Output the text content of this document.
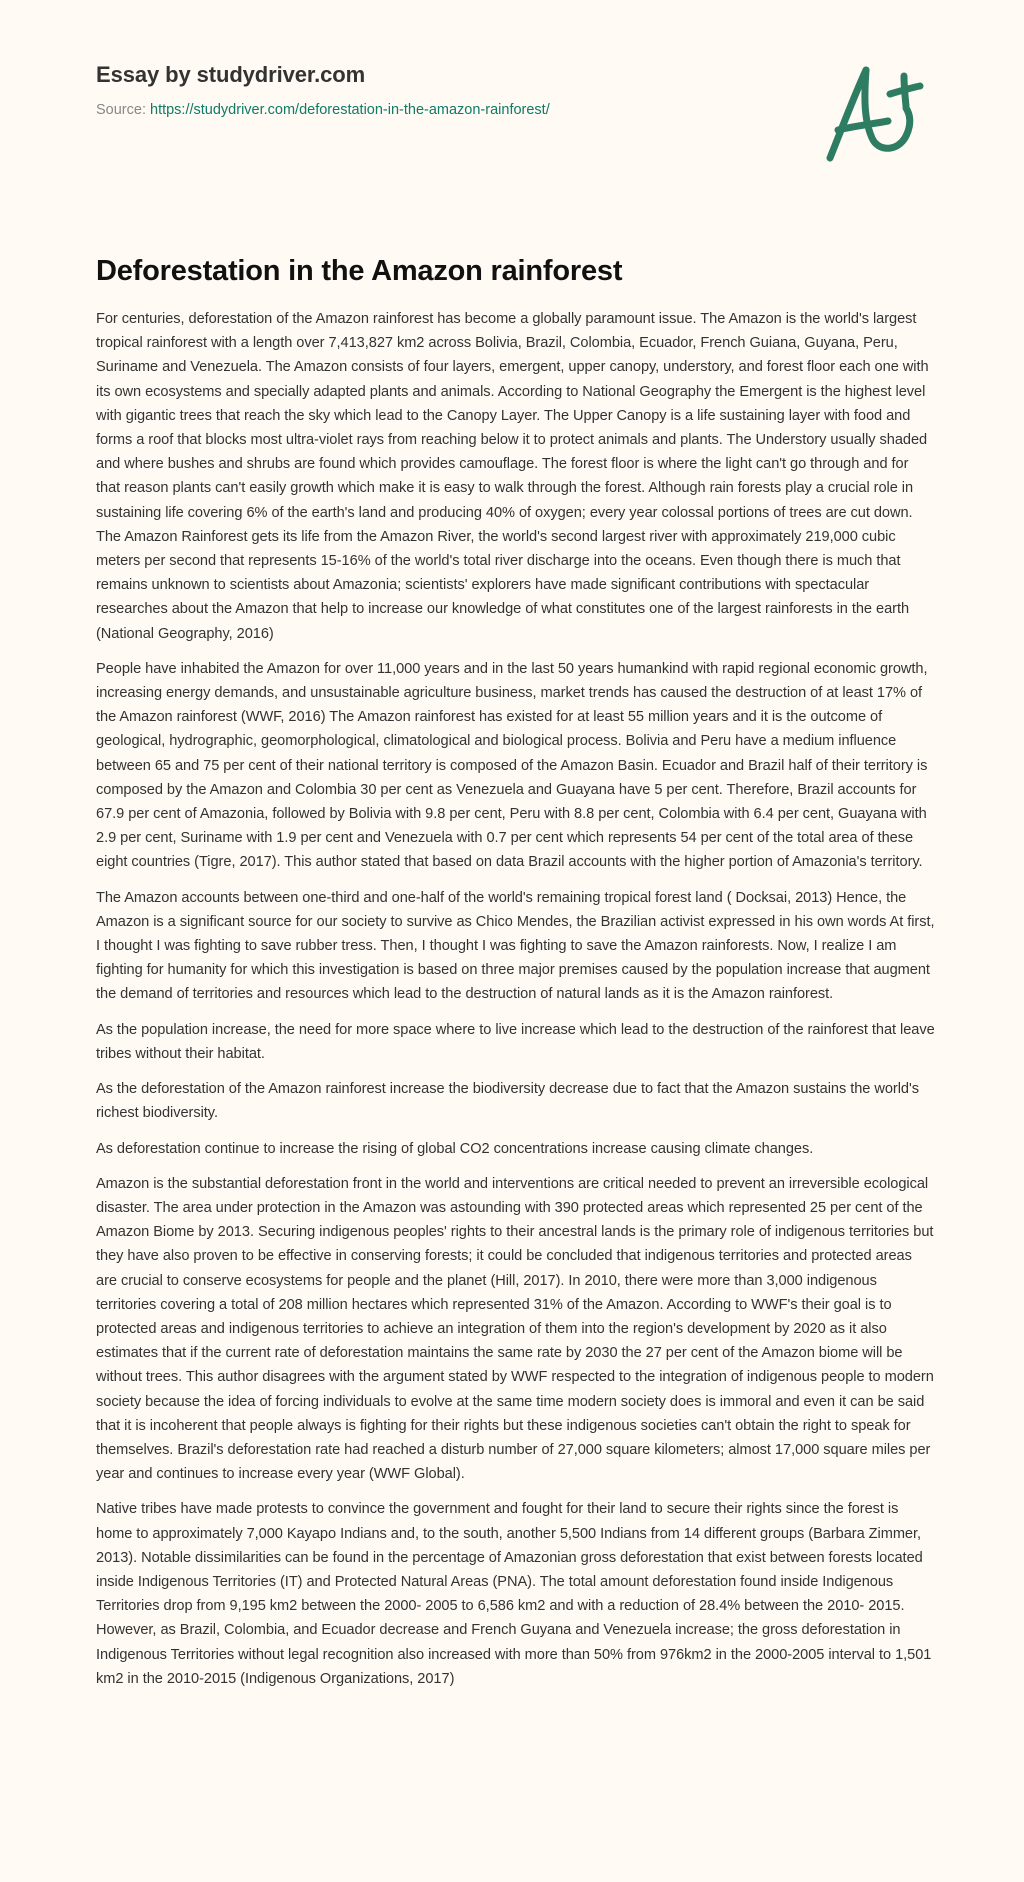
Essay by studydriver.com
Source: https://studydriver.com/deforestation-in-the-amazon-rainforest/
Deforestation in the Amazon rainforest

For centuries, deforestation of the Amazon rainforest has become a globally paramount issue. The Amazon is the world's largest tropical rainforest with a length over 7,413,827 km2 across Bolivia, Brazil, Colombia, Ecuador, French Guiana, Guyana, Peru, Suriname and Venezuela. The Amazon consists of four layers, emergent, upper canopy, understory, and forest floor each one with its own ecosystems and specially adapted plants and animals. According to National Geography the Emergent is the highest level with gigantic trees that reach the sky which lead to the Canopy Layer. The Upper Canopy is a life sustaining layer with food and forms a roof that blocks most ultra-violet rays from reaching below it to protect animals and plants. The Understory usually shaded and where bushes and shrubs are found which provides camouflage. The forest floor is where the light can't go through and for that reason plants can't easily growth which make it is easy to walk through the forest. Although rain forests play a crucial role in sustaining life covering 6% of the earth's land and producing 40% of oxygen; every year colossal portions of trees are cut down. The Amazon Rainforest gets its life from the Amazon River, the world's second largest river with approximately 219,000 cubic meters per second that represents 15-16% of the world's total river discharge into the oceans. Even though there is much that remains unknown to scientists about Amazonia; scientists' explorers have made significant contributions with spectacular researches about the Amazon that help to increase our knowledge of what constitutes one of the largest rainforests in the earth (National Geography, 2016)

People have inhabited the Amazon for over 11,000 years and in the last 50 years humankind with rapid regional economic growth, increasing energy demands, and unsustainable agriculture business, market trends has caused the destruction of at least 17% of the Amazon rainforest (WWF, 2016) The Amazon rainforest has existed for at least 55 million years and it is the outcome of geological, hydrographic, geomorphological, climatological and biological process. Bolivia and Peru have a medium influence between 65 and 75 per cent of their national territory is composed of the Amazon Basin. Ecuador and Brazil half of their territory is composed by the Amazon and Colombia 30 per cent as Venezuela and Guayana have 5 per cent. Therefore, Brazil accounts for 67.9 per cent of Amazonia, followed by Bolivia with 9.8 per cent, Peru with 8.8 per cent, Colombia with 6.4 per cent, Guayana with 2.9 per cent, Suriname with 1.9 per cent and Venezuela with 0.7 per cent which represents 54 per cent of the total area of these eight countries (Tigre, 2017). This author stated that based on data Brazil accounts with the higher portion of Amazonia's territory.

The Amazon accounts between one-third and one-half of the world's remaining tropical forest land ( Docksai, 2013) Hence, the Amazon is a significant source for our society to survive as Chico Mendes, the Brazilian activist expressed in his own words At first, I thought I was fighting to save rubber tress. Then, I thought I was fighting to save the Amazon rainforests. Now, I realize I am fighting for humanity for which this investigation is based on three major premises caused by the population increase that augment the demand of territories and resources which lead to the destruction of natural lands as it is the Amazon rainforest.

As the population increase, the need for more space where to live increase which lead to the destruction of the rainforest that leave tribes without their habitat.

As the deforestation of the Amazon rainforest increase the biodiversity decrease due to fact that the Amazon sustains the world's richest biodiversity.

As deforestation continue to increase the rising of global CO2 concentrations increase causing climate changes.

Amazon is the substantial deforestation front in the world and interventions are critical needed to prevent an irreversible ecological disaster. The area under protection in the Amazon was astounding with 390 protected areas which represented 25 per cent of the Amazon Biome by 2013. Securing indigenous peoples' rights to their ancestral lands is the primary role of indigenous territories but they have also proven to be effective in conserving forests; it could be concluded that indigenous territories and protected areas are crucial to conserve ecosystems for people and the planet (Hill, 2017). In 2010, there were more than 3,000 indigenous territories covering a total of 208 million hectares which represented 31% of the Amazon. According to WWF's their goal is to protected areas and indigenous territories to achieve an integration of them into the region's development by 2020 as it also estimates that if the current rate of deforestation maintains the same rate by 2030 the 27 per cent of the Amazon biome will be without trees. This author disagrees with the argument stated by WWF respected to the integration of indigenous people to modern society because the idea of forcing individuals to evolve at the same time modern society does is immoral and even it can be said that it is incoherent that people always is fighting for their rights but these indigenous societies can't obtain the right to speak for themselves. Brazil's deforestation rate had reached a disturb number of 27,000 square kilometers; almost 17,000 square miles per year and continues to increase every year (WWF Global).

Native tribes have made protests to convince the government and fought for their land to secure their rights since the forest is home to approximately 7,000 Kayapo Indians and, to the south, another 5,500 Indians from 14 different groups (Barbara Zimmer, 2013). Notable dissimilarities can be found in the percentage of Amazonian gross deforestation that exist between forests located inside Indigenous Territories (IT) and Protected Natural Areas (PNA). The total amount deforestation found inside Indigenous Territories drop from 9,195 km2 between the 2000- 2005 to 6,586 km2 and with a reduction of 28.4% between the 2010- 2015. However, as Brazil, Colombia, and Ecuador decrease and French Guyana and Venezuela increase; the gross deforestation in Indigenous Territories without legal recognition also increased with more than 50% from 976km2 in the 2000-2005 interval to 1,501 km2 in the 2010-2015 (Indigenous Organizations, 2017)
